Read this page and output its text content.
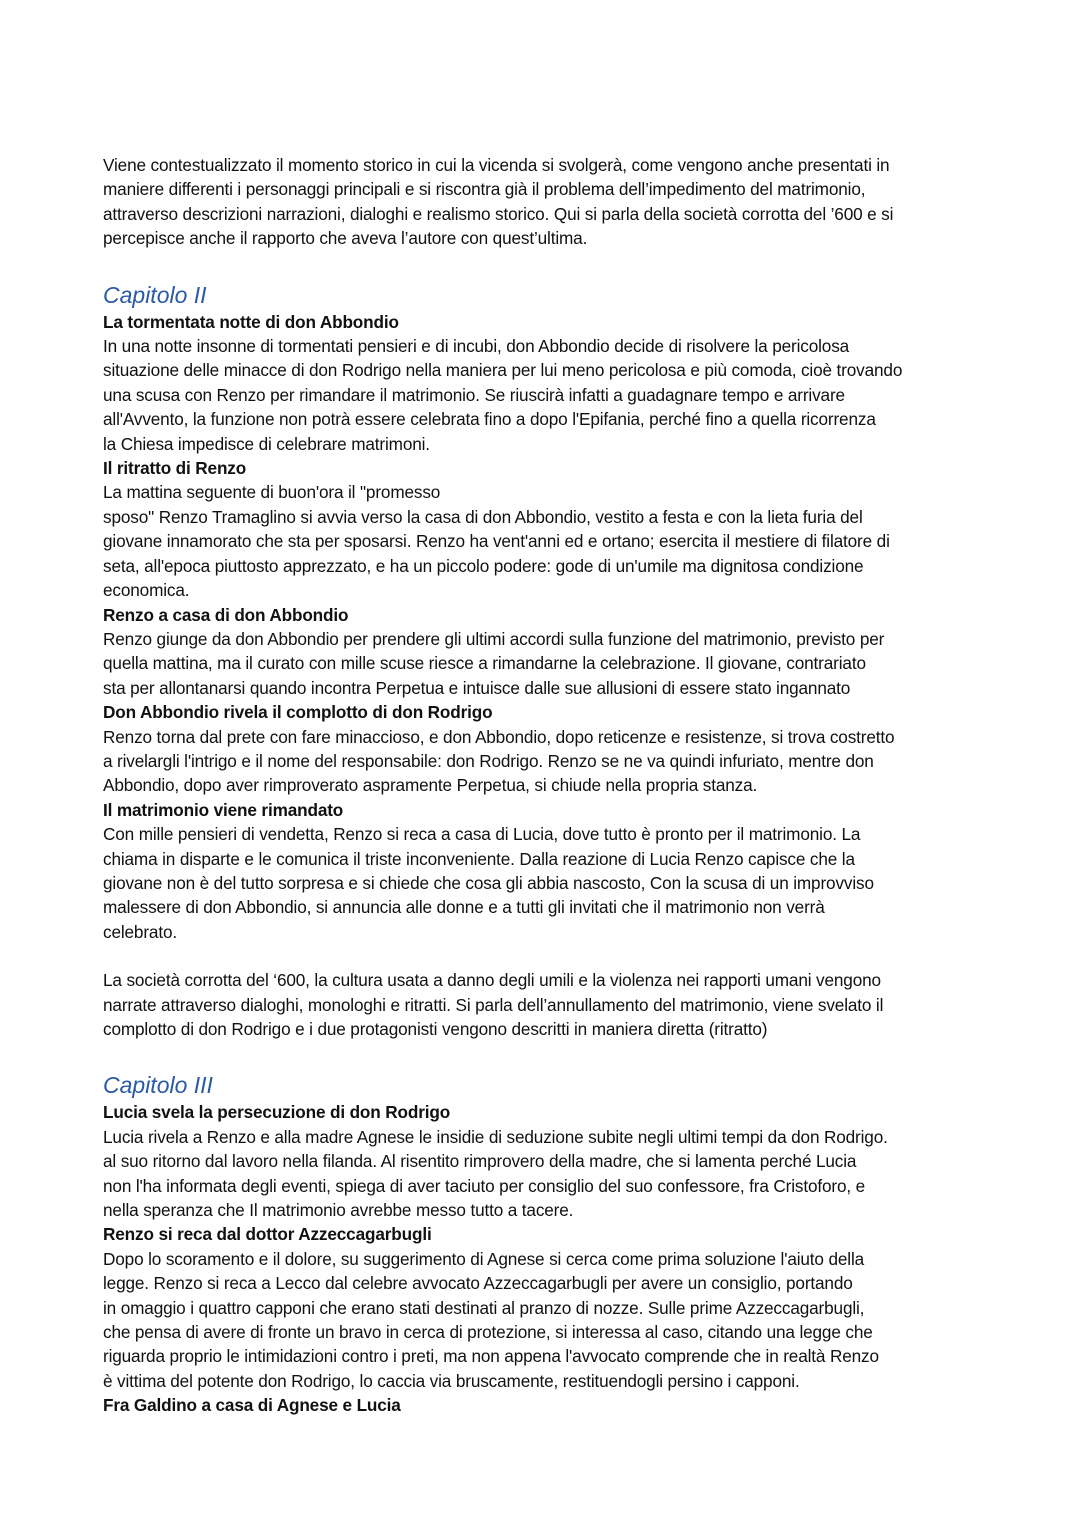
Viene contestualizzato il momento storico in cui la vicenda si svolgerà, come vengono anche presentati in
maniere differenti i personaggi principali e si riscontra già il problema dell’impedimento del matrimonio,
attraverso descrizioni narrazioni, dialoghi e realismo storico. Qui si parla della società corrotta del ’600 e si
percepisce anche il rapporto che aveva l’autore con quest’ultima.
Capitolo II
La tormentata notte di don Abbondio
In una notte insonne di tormentati pensieri e di incubi, don Abbondio decide di risolvere la pericolosa
situazione delle minacce di don Rodrigo nella maniera per lui meno pericolosa e più comoda, cioè trovando
una scusa con Renzo per rimandare il matrimonio. Se riuscirà infatti a guadagnare tempo e arrivare
all'Avvento, la funzione non potrà essere celebrata fino a dopo l'Epifania, perché fino a quella ricorrenza
la Chiesa impedisce di celebrare matrimoni.
Il ritratto di Renzo
La mattina seguente di buon'ora il "promesso
sposo" Renzo Tramaglino si avvia verso la casa di don Abbondio, vestito a festa e con la lieta furia del
giovane innamorato che sta per sposarsi. Renzo ha vent'anni ed e ortano; esercita il mestiere di filatore di
seta, all'epoca piuttosto apprezzato, e ha un piccolo podere: gode di un'umile ma dignitosa condizione
economica.
Renzo a casa di don Abbondio
Renzo giunge da don Abbondio per prendere gli ultimi accordi sulla funzione del matrimonio, previsto per
quella mattina, ma il curato con mille scuse riesce a rimandarne la celebrazione. Il giovane, contrariato
sta per allontanarsi quando incontra Perpetua e intuisce dalle sue allusioni di essere stato ingannato
Don Abbondio rivela il complotto di don Rodrigo
Renzo torna dal prete con fare minaccioso, e don Abbondio, dopo reticenze e resistenze, si trova costretto
a rivelargli l'intrigo e il nome del responsabile: don Rodrigo. Renzo se ne va quindi infuriato, mentre don
Abbondio, dopo aver rimproverato aspramente Perpetua, si chiude nella propria stanza.
Il matrimonio viene rimandato
Con mille pensieri di vendetta, Renzo si reca a casa di Lucia, dove tutto è pronto per il matrimonio. La
chiama in disparte e le comunica il triste inconveniente. Dalla reazione di Lucia Renzo capisce che la
giovane non è del tutto sorpresa e si chiede che cosa gli abbia nascosto, Con la scusa di un improvviso
malessere di don Abbondio, si annuncia alle donne e a tutti gli invitati che il matrimonio non verrà
celebrato.
La società corrotta del ‘600, la cultura usata a danno degli umili e la violenza nei rapporti umani vengono
narrate attraverso dialoghi, monologhi e ritratti. Si parla dell’annullamento del matrimonio, viene svelato il
complotto di don Rodrigo e i due protagonisti vengono descritti in maniera diretta (ritratto)
Capitolo III
Lucia svela la persecuzione di don Rodrigo
Lucia rivela a Renzo e alla madre Agnese le insidie di seduzione subite negli ultimi tempi da don Rodrigo.
al suo ritorno dal lavoro nella filanda. Al risentito rimprovero della madre, che si lamenta perché Lucia
non l'ha informata degli eventi, spiega di aver taciuto per consiglio del suo confessore, fra Cristoforo, e
nella speranza che Il matrimonio avrebbe messo tutto a tacere.
Renzo si reca dal dottor Azzeccagarbugli
Dopo lo scoramento e il dolore, su suggerimento di Agnese si cerca come prima soluzione l'aiuto della
legge. Renzo si reca a Lecco dal celebre avvocato Azzeccagarbugli per avere un consiglio, portando
in omaggio i quattro capponi che erano stati destinati al pranzo di nozze. Sulle prime Azzeccagarbugli,
che pensa di avere di fronte un bravo in cerca di protezione, si interessa al caso, citando una legge che
riguarda proprio le intimidazioni contro i preti, ma non appena l'avvocato comprende che in realtà Renzo
è vittima del potente don Rodrigo, lo caccia via bruscamente, restituendogli persino i capponi.
Fra Galdino a casa di Agnese e Lucia
